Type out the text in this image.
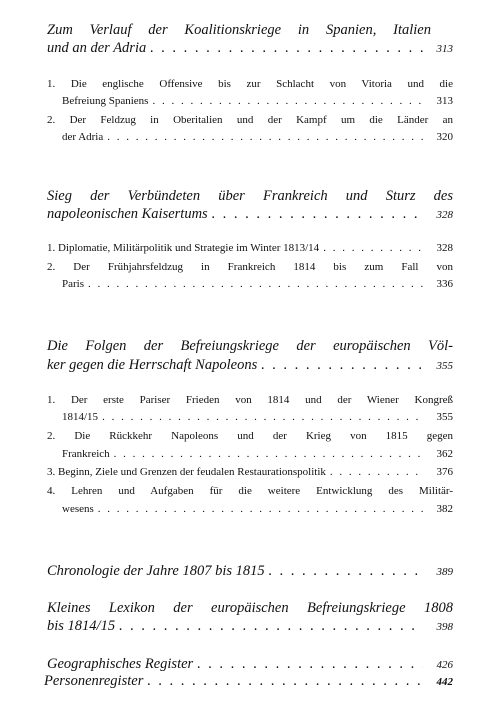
Zum Verlauf der Koalitionskriege in Spanien, Italien
und an der Adria . . .	313
1. Die englische Offensive bis zur Schlacht von Vitoria und die
Befreiung Spaniens . . .	313
2. Der Feldzug in Oberitalien und der Kampf um die Länder an
der Adria . . .	320
Sieg der Verbündeten über Frankreich und Sturz des
napoleonischen Kaisertums . . .	328
1. Diplomatie, Militärpolitik und Strategie im Winter 1813/14 . . .	328
2. Der Frühjahrsfeldzug in Frankreich 1814 bis zum Fall von
Paris . . .	336
Die Folgen der Befreiungskriege der europäischen Völ-
ker gegen die Herrschaft Napoleons . . .	355
1. Der erste Pariser Frieden von 1814 und der Wiener Kongreß
1814/15 . . .	355
2. Die Rückkehr Napoleons und der Krieg von 1815 gegen
Frankreich . . .	362
3. Beginn, Ziele und Grenzen der feudalen Restaurationspolitik . . .	376
4. Lehren und Aufgaben für die weitere Entwicklung des Militär-
wesens . . .	382
Chronologie der Jahre 1807 bis 1815 . . .	389
Kleines Lexikon der europäischen Befreiungskriege 1808
bis 1814/15 . . .	398
Geographisches Register . . .	426
Personenregister . . .	442
